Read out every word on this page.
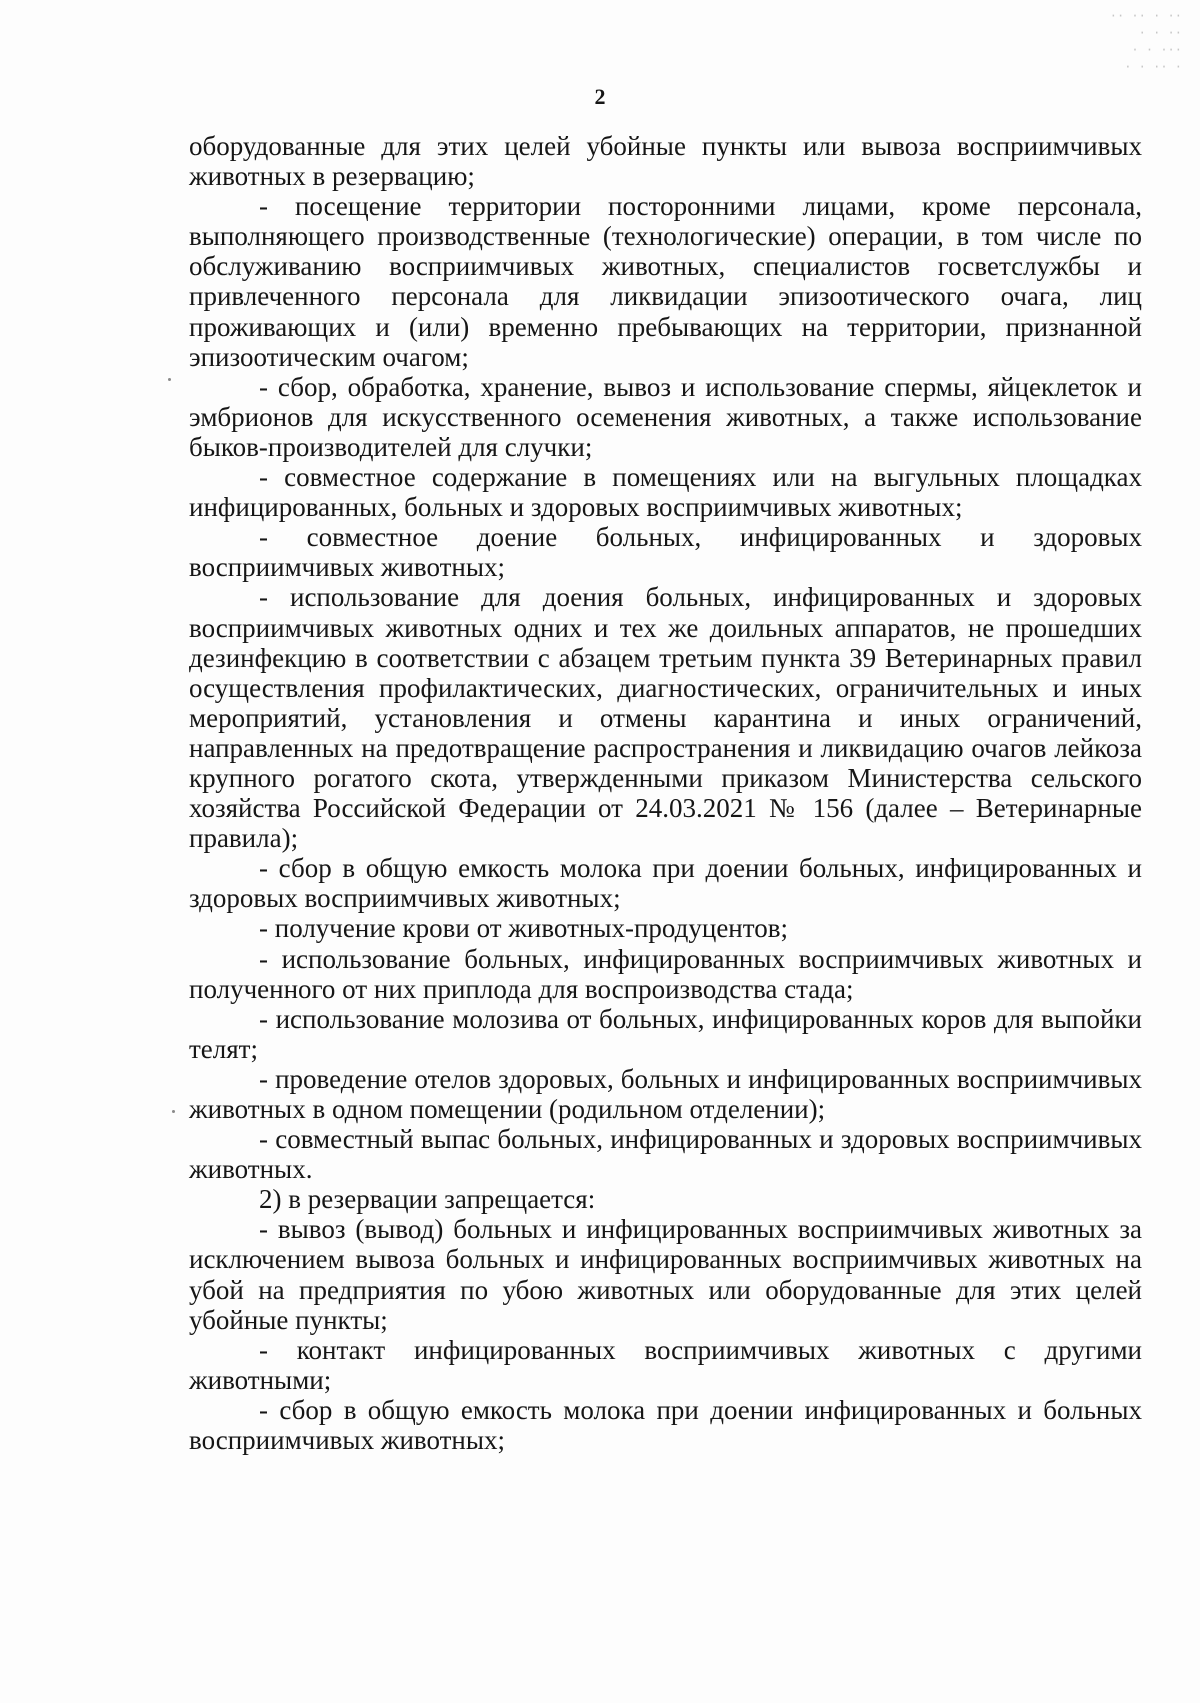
·· ·· · ··
· · ··
· · ···
· · ·· ·
2

оборудованные для этих целей убойные пункты или вывоза восприимчивых животных в резервацию;

- посещение территории посторонними лицами, кроме персонала, выполняющего производственные (технологические) операции, в том числе по обслуживанию восприимчивых животных, специалистов госветслужбы и привлеченного персонала для ликвидации эпизоотического очага, лиц проживающих и (или) временно пребывающих на территории, признанной эпизоотическим очагом;

- сбор, обработка, хранение, вывоз и использование спермы, яйцеклеток и эмбрионов для искусственного осеменения животных, а также использование быков-производителей для случки;

- совместное содержание в помещениях или на выгульных площадках инфицированных, больных и здоровых восприимчивых животных;

- совместное доение больных, инфицированных и здоровых восприимчивых животных;

- использование для доения больных, инфицированных и здоровых восприимчивых животных одних и тех же доильных аппаратов, не прошедших дезинфекцию в соответствии с абзацем третьим пункта 39 Ветеринарных правил осуществления профилактических, диагностических, ограничительных и иных мероприятий, установления и отмены карантина и иных ограничений, направленных на предотвращение распространения и ликвидацию очагов лейкоза крупного рогатого скота, утвержденными приказом Министерства сельского хозяйства Российской Федерации от 24.03.2021 № 156 (далее – Ветеринарные правила);

- сбор в общую емкость молока при доении больных, инфицированных и здоровых восприимчивых животных;

- получение крови от животных-продуцентов;

- использование больных, инфицированных восприимчивых животных и полученного от них приплода для воспроизводства стада;

- использование молозива от больных, инфицированных коров для выпойки телят;

- проведение отелов здоровых, больных и инфицированных восприимчивых животных в одном помещении (родильном отделении);

- совместный выпас больных, инфицированных и здоровых восприимчивых животных.

2) в резервации запрещается:

- вывоз (вывод) больных и инфицированных восприимчивых животных за исключением вывоза больных и инфицированных восприимчивых животных на убой на предприятия по убою животных или оборудованные для этих целей убойные пункты;

- контакт инфицированных восприимчивых животных с другими животными;

- сбор в общую емкость молока при доении инфицированных и больных восприимчивых животных;
